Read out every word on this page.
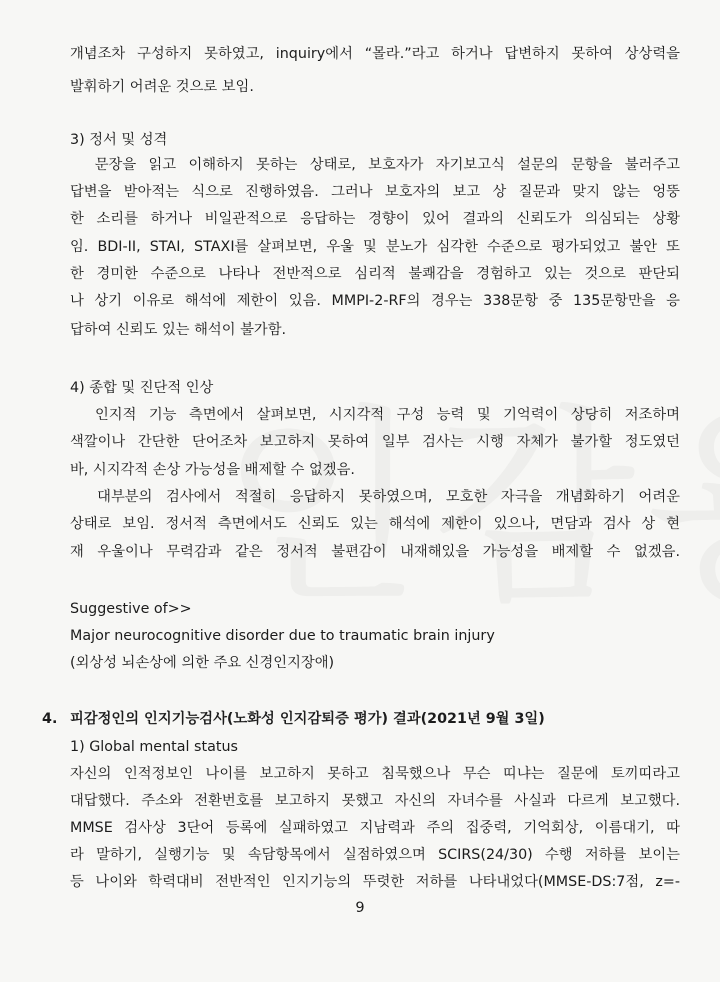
개념조차 구성하지 못하였고, inquiry에서 “몰라.”라고 하거나 답변하지 못하여 상상력을
발휘하기 어려운 것으로 보임.
3) 정서 및 성격
문장을 읽고 이해하지 못하는 상태로, 보호자가 자기보고식 설문의 문항을 불러주고
답변을 받아적는 식으로 진행하였음. 그러나 보호자의 보고 상 질문과 맞지 않는 엉뚱
한 소리를 하거나 비일관적으로 응답하는 경향이 있어 결과의 신뢰도가 의심되는 상황
임. BDI-II, STAI, STAXI를 살펴보면, 우울 및 분노가 심각한 수준으로 평가되었고 불안 또
한 경미한 수준으로 나타나 전반적으로 심리적 불쾌감을 경험하고 있는 것으로 판단되
나 상기 이유로 해석에 제한이 있음. MMPI-2-RF의 경우는 338문항 중 135문항만을 응
답하여 신뢰도 있는 해석이 불가함.
4) 종합 및 진단적 인상
인지적 기능 측면에서 살펴보면, 시지각적 구성 능력 및 기억력이 상당히 저조하며
색깔이나 간단한 단어조차 보고하지 못하여 일부 검사는 시행 자체가 불가할 정도였던
바, 시지각적 손상 가능성을 배제할 수 없겠음.
대부분의 검사에서 적절히 응답하지 못하였으며, 모호한 자극을 개념화하기 어려운
상태로 보임. 정서적 측면에서도 신뢰도 있는 해석에 제한이 있으나, 면담과 검사 상 현
재 우울이나 무력감과 같은 정서적 불편감이 내재해있을 가능성을 배제할 수 없겠음.
Suggestive of>>
Major neurocognitive disorder due to traumatic brain injury
(외상성 뇌손상에 의한 주요 신경인지장애)
4. 피감정인의 인지기능검사(노화성 인지감퇴증 평가) 결과(2021년 9월 3일)
1) Global mental status
자신의 인적정보인 나이를 보고하지 못하고 침묵했으나 무슨 띠냐는 질문에 토끼띠라고
대답했다. 주소와 전환번호를 보고하지 못했고 자신의 자녀수를 사실과 다르게 보고했다.
MMSE 검사상 3단어 등록에 실패하였고 지남력과 주의 집중력, 기억회상, 이름대기, 따
라 말하기, 실행기능 및 속담항목에서 실점하였으며 SCIRS(24/30) 수행 저하를 보이는
등 나이와 학력대비 전반적인 인지기능의 뚜렷한 저하를 나타내었다(MMSE-DS:7점, z=-
9
